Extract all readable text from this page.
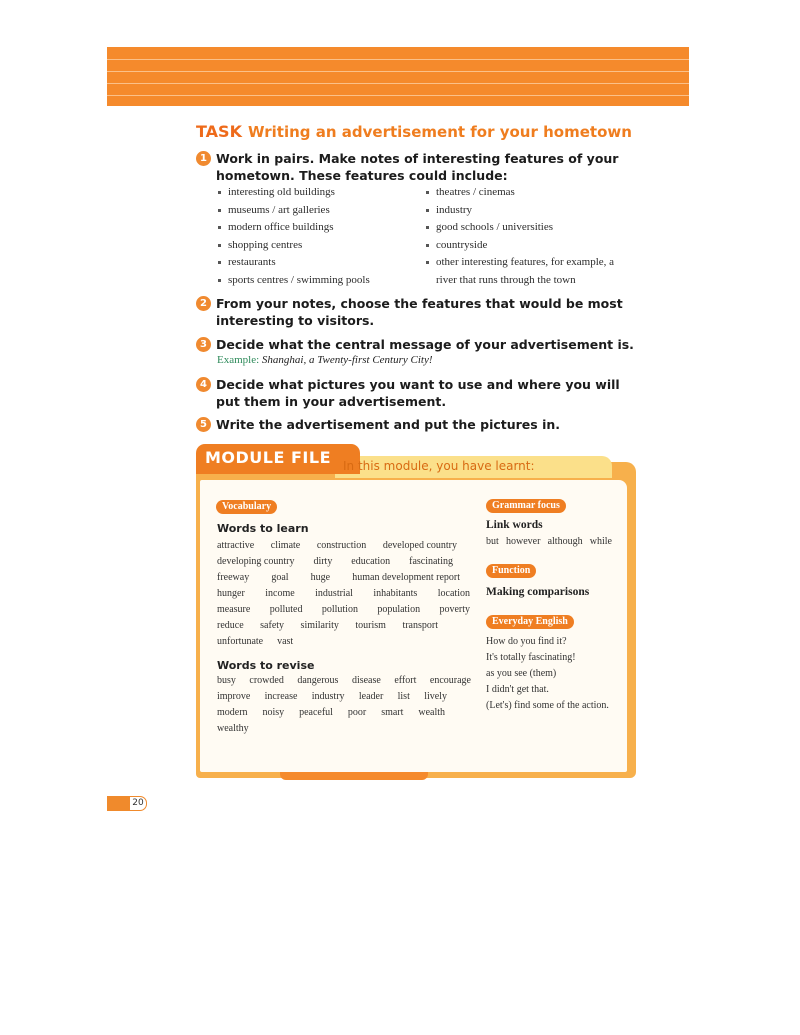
TASK Writing an advertisement for your hometown
1 Work in pairs. Make notes of interesting features of your hometown. These features could include:
interesting old buildings
museums / art galleries
modern office buildings
shopping centres
restaurants
sports centres / swimming pools
theatres / cinemas
industry
good schools / universities
countryside
other interesting features, for example, a
river that runs through the town
2 From your notes, choose the features that would be most interesting to visitors.
3 Decide what the central message of your advertisement is.
Example: Shanghai, a Twenty-first Century City!
4 Decide what pictures you want to use and where you will put them in your advertisement.
5 Write the advertisement and put the pictures in.
MODULE FILE In this module, you have learnt:
Vocabulary
Words to learn
attractive climate construction developed country
developing country dirty education fascinating
freeway goal huge human development report
hunger income industrial inhabitants location
measure polluted pollution population poverty
reduce safety similarity tourism transport
unfortunate vast
Words to revise
busy crowded dangerous disease effort encourage
improve increase industry leader list lively
modern noisy peaceful poor smart wealth
wealthy
Grammar focus
Link words
but however although while
Function
Making comparisons
Everyday English
How do you find it?
It's totally fascinating!
as you see (them)
I didn't get that.
(Let's) find some of the action.
20
